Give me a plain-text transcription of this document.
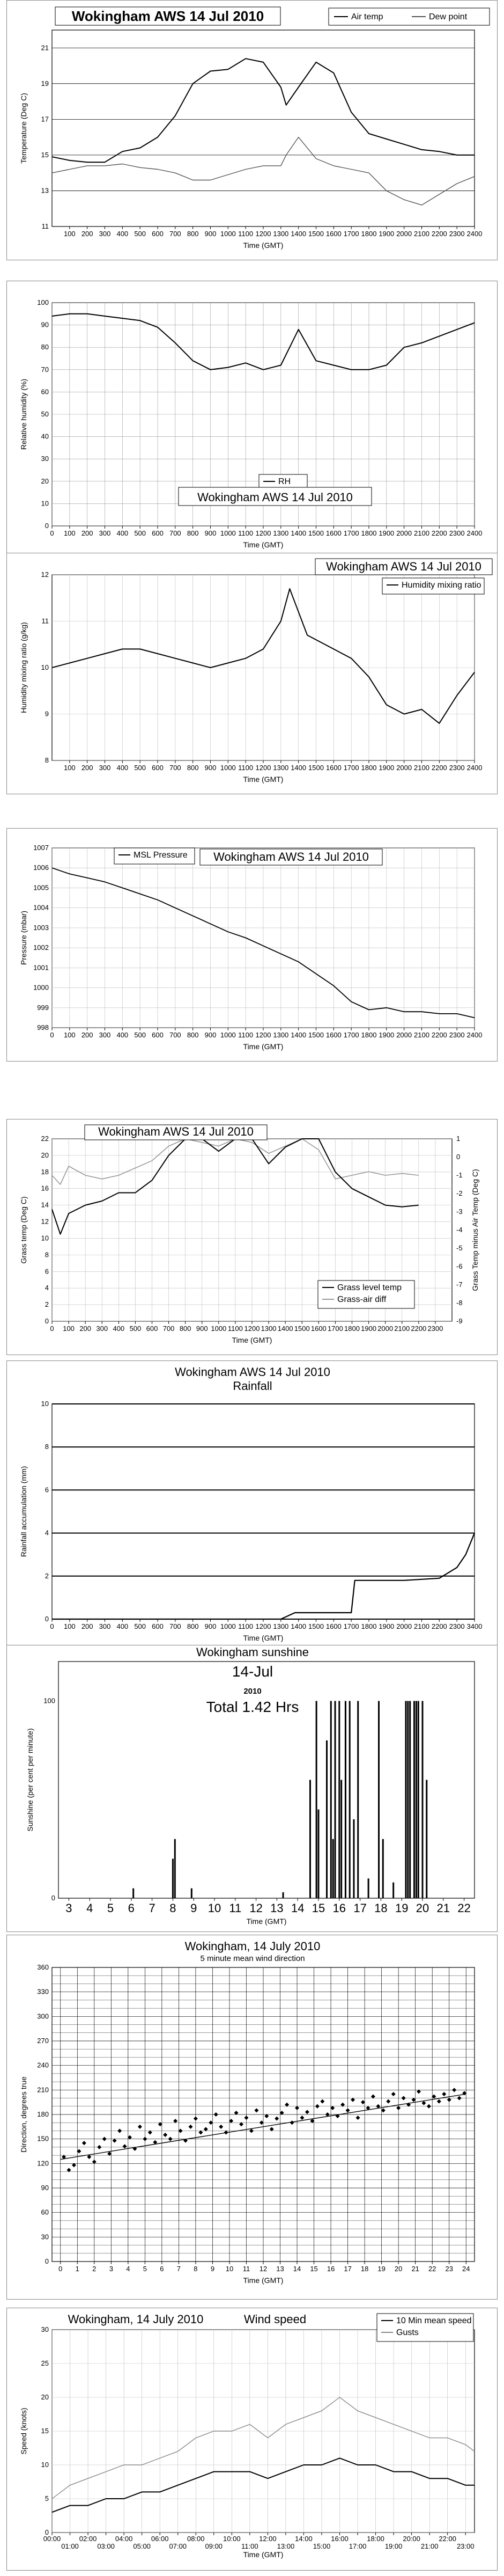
11
13
15
17
19
21
100 200 300 400 500 600 700 800 900 1000 1100 1200 1300 1400 1500 1600 1700 1800 1900 2000 2100 2200 2300 2400
Time (GMT)
Temperature (Deg C)
Wokingham AWS 14 Jul 2010	Air temp	Dew point
0
10
20
30
40
50
60
70
80
90
100
0 100 200 300 400 500 600 700 800 900 1000 1100 1200 1300 1400 1500 1600 1700 1800 1900 2000 2100 2200 2300 2400
Time (GMT)
Relative humidity (%)
RH
Wokingham AWS 14 Jul 2010
8
9
10
11
12
100 200 300 400 500 600 700 800 900 1000 1100 1200 1300 1400 1500 1600 1700 1800 1900 2000 2100 2200 2300 2400
Time (GMT)
Humidity mixing ratio (g/kg)
Wokingham AWS 14 Jul 2010
Humidity mixing ratio
998
999
1000
1001
1002
1003
1004
1005
1006
1007
0 100 200 300 400 500 600 700 800 900 1000 1100 1200 1300 1400 1500 1600 1700 1800 1900 2000 2100 2200 2300 2400
Time (GMT)
Pressure (mbar)
MSL Pressure Wokingham AWS 14 Jul 2010
0
2
4
6
8
10
12
14
16
18
20
22
0 100 200 300 400 500 600 700 800 900 1000 1100 1200 1300 1400 1500 1600 1700 1800 1900 2000 2100 2200 2300
Time (GMT)
Grass temp (Deg C)
-9
-8
-7
-6
-5
-4
-3
-2
-1
0
1
Grass Temp minus Air Temp (Deg C)
Wokingham AWS 14 Jul 2010
Grass level temp
Grass-air diff
0
2
4
6
8
10
0 100 200 300 400 500 600 700 800 900 1000 1100 1200 1300 1400 1500 1600 1700 1800 1900 2000 2100 2200 2300 3400
Time (GMT)
Rainfall accumulation (mm)
Wokingham AWS 14 Jul 2010
Rainfall
0
100
3 4 5 6 7 8 9 10 11 12 13 14 15 16 17 18 19 20 21 22
Time (GMT)
Sunshine (per cent per minute)
Wokingham sunshine
14-Jul
2010
Total 1.42 Hrs
0
30
60
90
120
150
180
210
240
270
300
330
360
0 1 2 3 4 5 6 7 8 9 10 11 12 13 14 15 16 17 18 19 20 21 22 23 24
Time (GMT)
Direction, degrees true
Wokingham, 14 July 2010
5 minute mean wind direction
0
5
10
15
20
25
30
00:00
01:00
02:00
03:00
04:00
05:00
06:00
07:00
08:00
09:00
10:00
11:00
12:00
13:00
14:00
15:00
16:00
17:00
18:00
19:00
20:00
21:00
22:00
23:00
Time (GMT)
Speed (knots)
Wokingham, 14 July 2010	Wind speed	10 Min mean speed
Gusts
